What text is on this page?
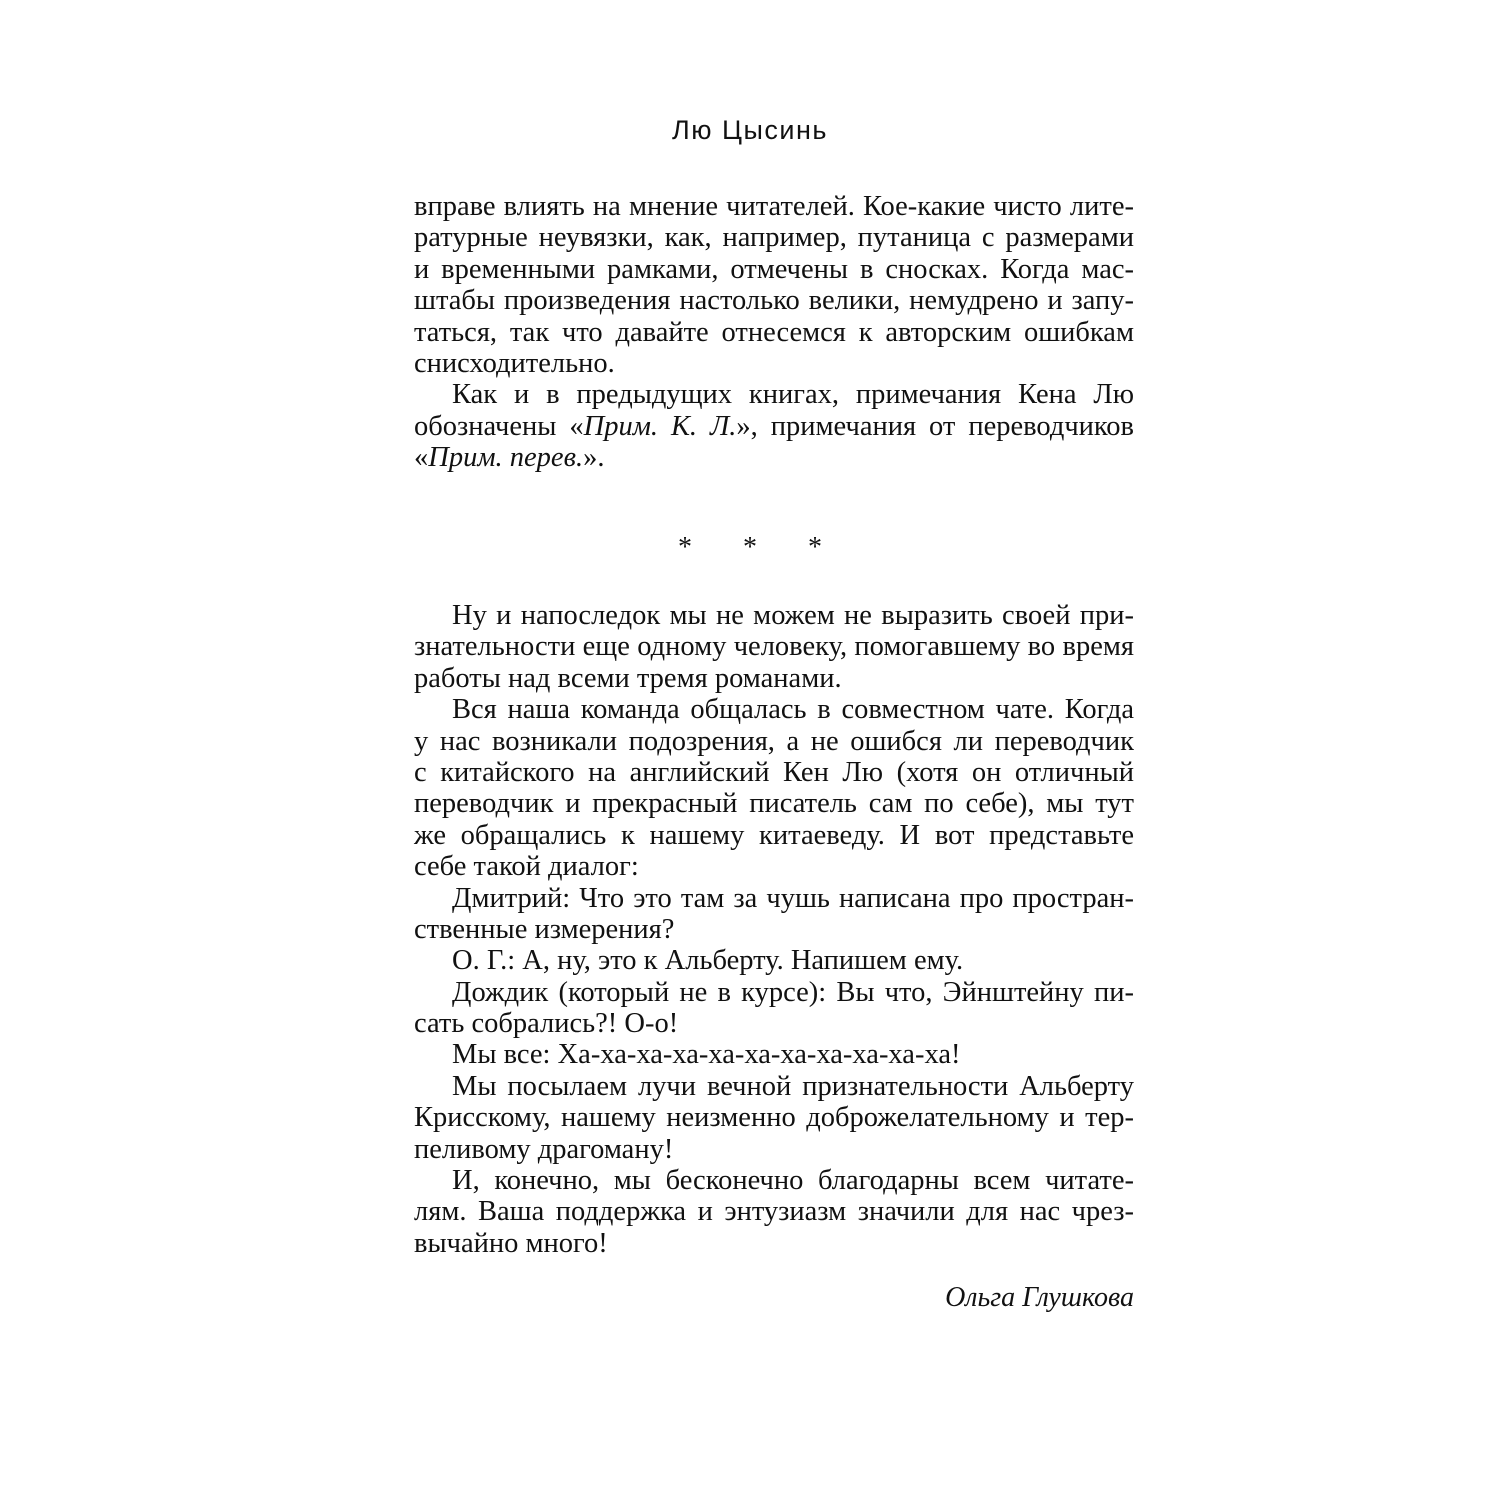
Лю Цысинь
вправе влиять на мнение читателей. Кое-какие чисто лите-
ратурные неувязки, как, например, путаница с размерами
и временными рамками, отмечены в сносках. Когда мас-
штабы произведения настолько велики, немудрено и запу-
таться, так что давайте отнесемся к авторским ошибкам
снисходительно.
Как и в предыдущих книгах, примечания Кена Лю
обозначены «Прим. К. Л.», примечания от переводчиков
«Прим. перев.».
* * *
Ну и напоследок мы не можем не выразить своей при-
знательности еще одному человеку, помогавшему во время
работы над всеми тремя романами.
Вся наша команда общалась в совместном чате. Когда
у нас возникали подозрения, а не ошибся ли переводчик
с китайского на английский Кен Лю (хотя он отличный
переводчик и прекрасный писатель сам по себе), мы тут
же обращались к нашему китаеведу. И вот представьте
себе такой диалог:
Дмитрий: Что это там за чушь написана про простран-
ственные измерения?
О. Г.: А, ну, это к Альберту. Напишем ему.
Дождик (который не в курсе): Вы что, Эйнштейну пи-
сать собрались?! О-о!
Мы все: Ха-ха-ха-ха-ха-ха-ха-ха-ха-ха-ха!
Мы посылаем лучи вечной признательности Альберту
Крисскому, нашему неизменно доброжелательному и тер-
пеливому драгоману!
И, конечно, мы бесконечно благодарны всем читате-
лям. Ваша поддержка и энтузиазм значили для нас чрез-
вычайно много!
Ольга Глушкова
